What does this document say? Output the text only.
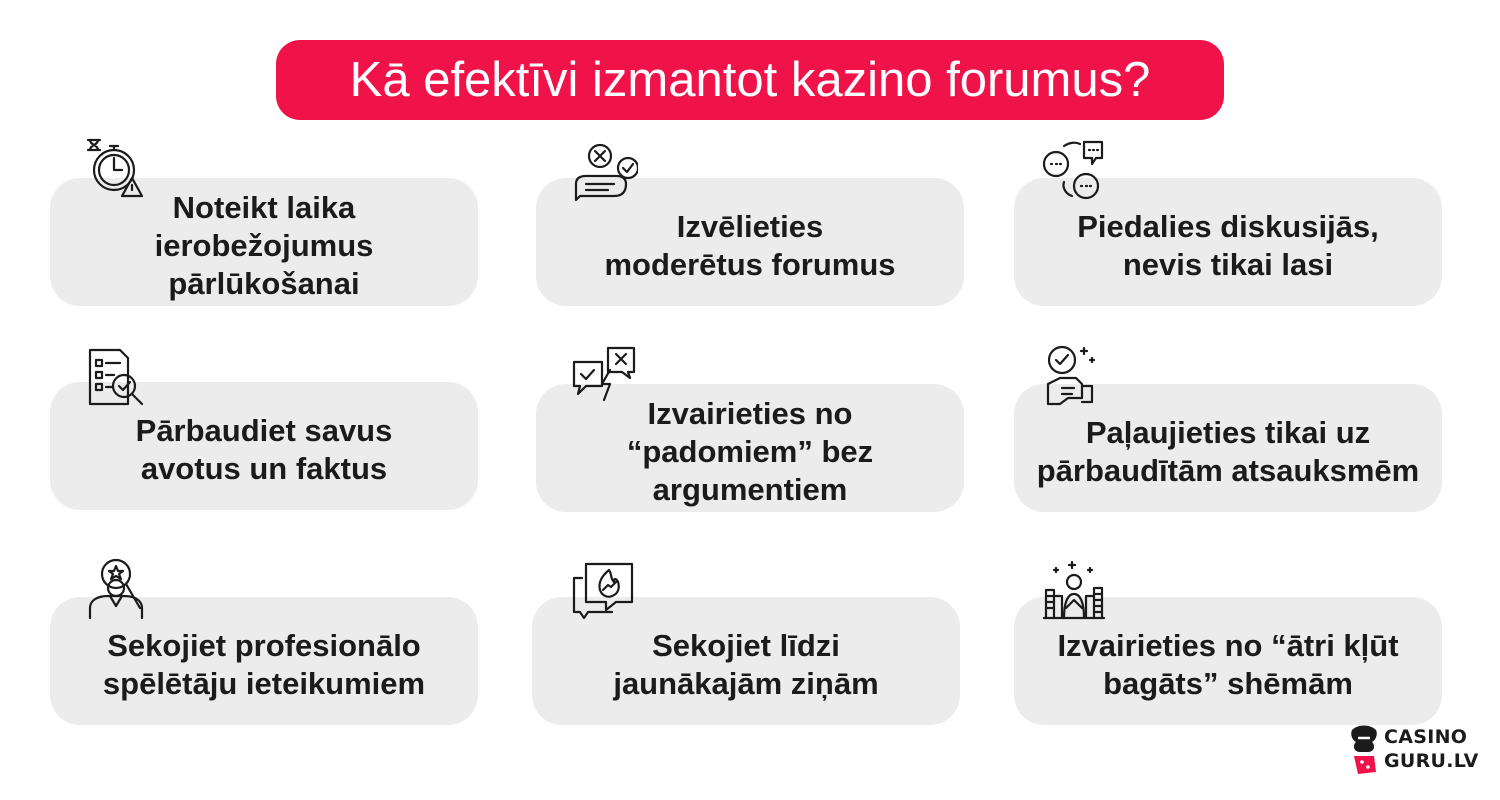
Kā efektīvi izmantot kazino forumus?
Noteikt laika
ierobežojumus
pārlūkošanai
Izvēlieties
moderētus forumus
Piedalies diskusijās,
nevis tikai lasi
Pārbaudiet savus
avotus un faktus
Izvairieties no
“padomiem” bez
argumentiem
Paļaujieties tikai uz
pārbaudītām atsauksmēm
Sekojiet profesionālo
spēlētāju ieteikumiem
Sekojiet līdzi
jaunākajām ziņām
Izvairieties no “ātri kļūt
bagāts” shēmām
CASINO
GURU.LV
